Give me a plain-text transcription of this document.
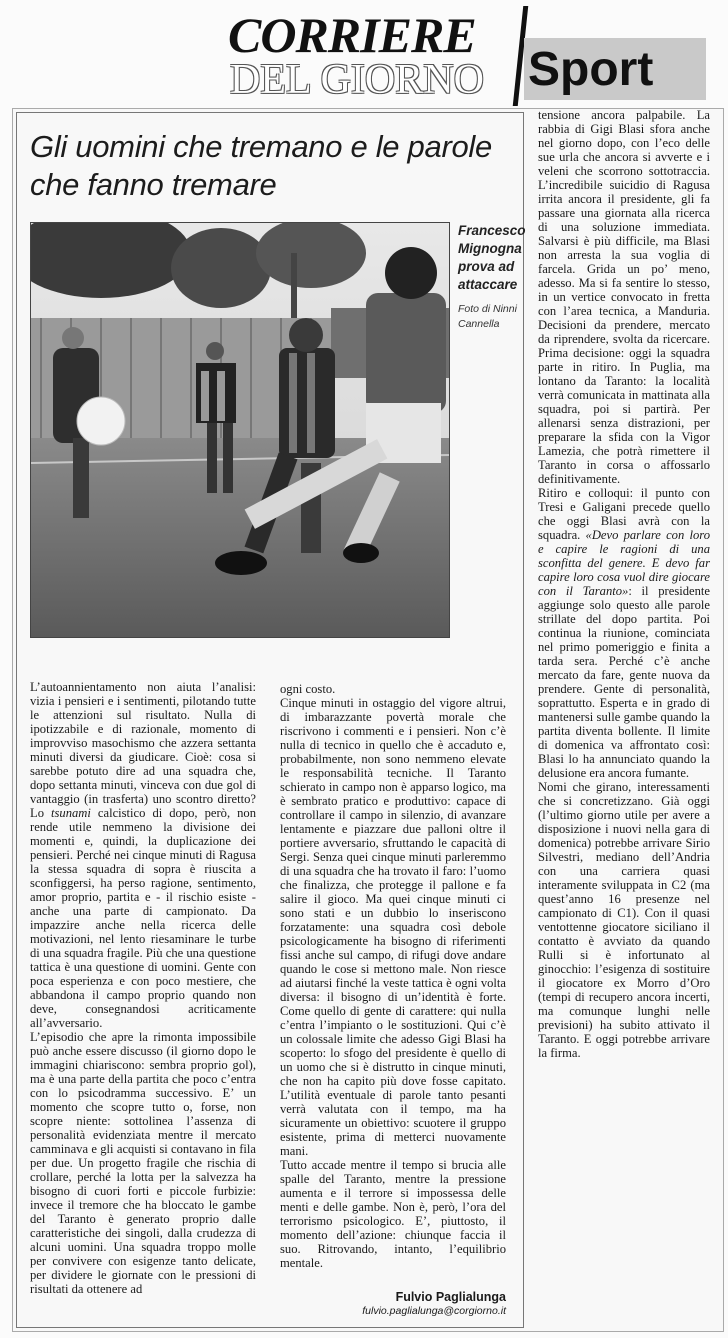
CORRIERE
DEL GIORNO Sport
Gli uomini che tremano e le parole che fanno tremare

Francesco Mignogna prova ad attaccare

Foto di Ninni Cannella

L’autoannientamento non aiuta l’analisi: vizia i pensieri e i sentimenti, pilotando tutte le attenzioni sul risultato. Nulla di ipotizzabile e di razionale, momento di improvviso masochismo che azzera settanta minuti diversi da giudicare. Cioè: cosa si sarebbe potuto dire ad una squadra che, dopo settanta minuti, vinceva con due gol di vantaggio (in trasferta) uno scontro diretto? Lo tsunami calcistico di dopo, però, non rende utile nemmeno la divisione dei momenti e, quindi, la duplicazione dei pensieri. Perché nei cinque minuti di Ragusa la stessa squadra di sopra è riuscita a sconfiggersi, ha perso ragione, sentimento, amor proprio, partita e - il rischio esiste - anche una parte di campionato. Da impazzire anche nella ricerca delle motivazioni, nel lento riesaminare le turbe di una squadra fragile. Più che una questione tattica è una questione di uomini. Gente con poca esperienza e con poco mestiere, che abbandona il campo proprio quando non deve, consegnandosi acriticamente all’avversario.

L’episodio che apre la rimonta impossibile può anche essere discusso (il giorno dopo le immagini chiariscono: sembra proprio gol), ma è una parte della partita che poco c’entra con lo psicodramma successivo. E’ un momento che scopre tutto o, forse, non scopre niente: sottolinea l’assenza di personalità evidenziata mentre il mercato camminava e gli acquisti si contavano in fila per due. Un progetto fragile che rischia di crollare, perché la lotta per la salvezza ha bisogno di cuori forti e piccole furbizie: invece il tremore che ha bloccato le gambe del Taranto è generato proprio dalle caratteristiche dei singoli, dalla crudezza di alcuni uomini. Una squadra troppo molle per convivere con esigenze tanto delicate, per dividere le giornate con le pressioni di risultati da ottenere ad

ogni costo.

Cinque minuti in ostaggio del vigore altrui, di imbarazzante povertà morale che riscrivono i commenti e i pensieri. Non c’è nulla di tecnico in quello che è accaduto e, probabilmente, non sono nemmeno elevate le responsabilità tecniche. Il Taranto schierato in campo non è apparso logico, ma è sembrato pratico e produttivo: capace di controllare il campo in silenzio, di avanzare lentamente e piazzare due palloni oltre il portiere avversario, sfruttando le capacità di Sergi. Senza quei cinque minuti parleremmo di una squadra che ha trovato il faro: l’uomo che finalizza, che protegge il pallone e fa salire il gioco. Ma quei cinque minuti ci sono stati e un dubbio lo inseriscono forzatamente: una squadra così debole psicologicamente ha bisogno di riferimenti fissi anche sul campo, di rifugi dove andare quando le cose si mettono male. Non riesce ad aiutarsi finché la veste tattica è ogni volta diversa: il bisogno di un’identità è forte. Come quello di gente di carattere: qui nulla c’entra l’impianto o le sostituzioni. Qui c’è un colossale limite che adesso Gigi Blasi ha scoperto: lo sfogo del presidente è quello di un uomo che si è distrutto in cinque minuti, che non ha capito più dove fosse capitato. L’utilità eventuale di parole tanto pesanti verrà valutata con il tempo, ma ha sicuramente un obiettivo: scuotere il gruppo esistente, prima di metterci nuovamente mani.

Tutto accade mentre il tempo si brucia alle spalle del Taranto, mentre la pressione aumenta e il terrore si impossessa delle menti e delle gambe. Non è, però, l’ora del terrorismo psicologico. E’, piuttosto, il momento dell’azione: chiunque faccia il suo. Ritrovando, intanto, l’equilibrio mentale.

Fulvio Paglialunga
fulvio.paglialunga@corgiorno.it

tensione ancora palpabile. La rabbia di Gigi Blasi sfora anche nel giorno dopo, con l’eco delle sue urla che ancora si avverte e i veleni che scorrono sottotraccia. L’incredibile suicidio di Ragusa irrita ancora il presidente, gli fa passare una giornata alla ricerca di una soluzione immediata. Salvarsi è più difficile, ma Blasi non arresta la sua voglia di farcela. Grida un po’ meno, adesso. Ma si fa sentire lo stesso, in un vertice convocato in fretta con l’area tecnica, a Manduria. Decisioni da prendere, mercato da riprendere, svolta da ricercare. Prima decisione: oggi la squadra parte in ritiro. In Puglia, ma lontano da Taranto: la località verrà comunicata in mattinata alla squadra, poi si partirà. Per allenarsi senza distrazioni, per preparare la sfida con la Vigor Lamezia, che potrà rimettere il Taranto in corsa o affossarlo definitivamente.

Ritiro e colloqui: il punto con Tresi e Galigani precede quello che oggi Blasi avrà con la squadra. «Devo parlare con loro e capire le ragioni di una sconfitta del genere. E devo far capire loro cosa vuol dire giocare con il Taranto»: il presidente aggiunge solo questo alle parole strillate del dopo partita. Poi continua la riunione, cominciata nel primo pomeriggio e finita a tarda sera. Perché c’è anche mercato da fare, gente nuova da prendere. Gente di personalità, soprattutto. Esperta e in grado di mantenersi sulle gambe quando la partita diventa bollente. Il limite di domenica va affrontato così: Blasi lo ha annunciato quando la delusione era ancora fumante.

Nomi che girano, interessamenti che si concretizzano. Già oggi (l’ultimo giorno utile per avere a disposizione i nuovi nella gara di domenica) potrebbe arrivare Sirio Silvestri, mediano dell’Andria con una carriera quasi interamente sviluppata in C2 (ma quest’anno 16 presenze nel campionato di C1). Con il quasi ventottenne giocatore siciliano il contatto è avviato da quando Rulli si è infortunato al ginocchio: l’esigenza di sostituire il giocatore ex Morro d’Oro (tempi di recupero ancora incerti, ma comunque lunghi nelle previsioni) ha subito attivato il Taranto. E oggi potrebbe arrivare la firma.
